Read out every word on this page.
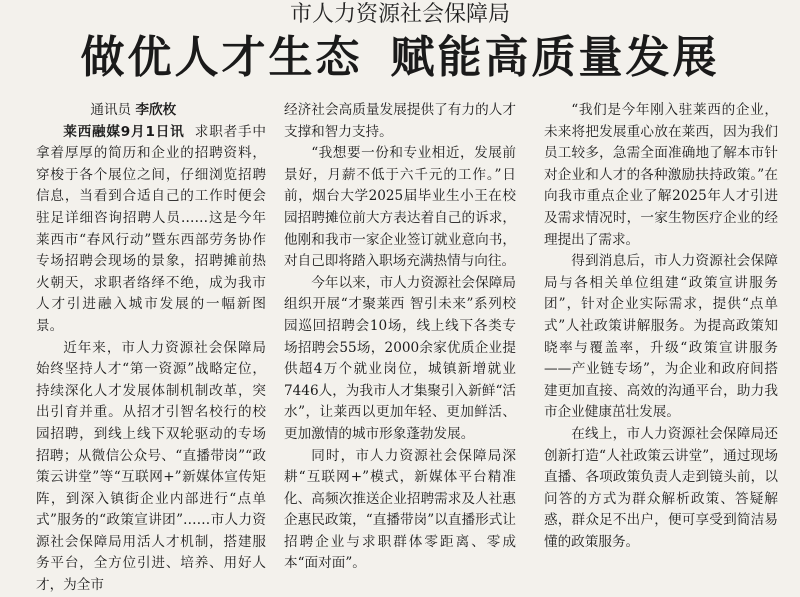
市人力资源社会保障局
做优人才生态 赋能高质量发展

通讯员 李欣枚

莱西融媒9月1日讯 求职者手中拿着厚厚的简历和企业的招聘资料，穿梭于各个展位之间，仔细浏览招聘信息，当看到合适自己的工作时便会驻足详细咨询招聘人员……这是今年莱西市“春风行动”暨东西部劳务协作专场招聘会现场的景象，招聘摊前热火朝天，求职者络绎不绝，成为我市人才引进融入城市发展的一幅新图景。

近年来，市人力资源社会保障局始终坚持人才“第一资源”战略定位，持续深化人才发展体制机制改革，突出引育并重。从招才引智名校行的校园招聘，到线上线下双轮驱动的专场招聘；从微信公众号、“直播带岗”“政策云讲堂”等“互联网+”新媒体宣传矩阵，到深入镇街企业内部进行“点单式”服务的“政策宣讲团”……市人力资源社会保障局用活人才机制，搭建服务平台，全方位引进、培养、用好人才，为全市

经济社会高质量发展提供了有力的人才支撑和智力支持。

“我想要一份和专业相近，发展前景好，月薪不低于六千元的工作。”日前，烟台大学2025届毕业生小王在校园招聘摊位前大方表达着自己的诉求，他刚和我市一家企业签订就业意向书，对自己即将踏入职场充满热情与向往。

今年以来，市人力资源社会保障局组织开展“才聚莱西 智引未来”系列校园巡回招聘会10场，线上线下各类专场招聘会55场，2000余家优质企业提供超4万个就业岗位，城镇新增就业7446人，为我市人才集聚引入新鲜“活水”，让莱西以更加年轻、更加鲜活、更加激情的城市形象蓬勃发展。

同时，市人力资源社会保障局深耕“互联网+”模式，新媒体平台精准化、高频次推送企业招聘需求及人社惠企惠民政策，“直播带岗”以直播形式让招聘企业与求职群体零距离、零成本“面对面”。

“我们是今年刚入驻莱西的企业，未来将把发展重心放在莱西，因为我们员工较多，急需全面准确地了解本市针对企业和人才的各种激励扶持政策。”在向我市重点企业了解2025年人才引进及需求情况时，一家生物医疗企业的经理提出了需求。

得到消息后，市人力资源社会保障局与各相关单位组建“政策宣讲服务团”，针对企业实际需求，提供“点单式”人社政策讲解服务。为提高政策知晓率与覆盖率，升级“政策宣讲服务——产业链专场”，为企业和政府间搭建更加直接、高效的沟通平台，助力我市企业健康茁壮发展。

在线上，市人力资源社会保障局还创新打造“人社政策云讲堂”，通过现场直播、各项政策负责人走到镜头前，以问答的方式为群众解析政策、答疑解惑，群众足不出户，便可享受到简洁易懂的政策服务。
